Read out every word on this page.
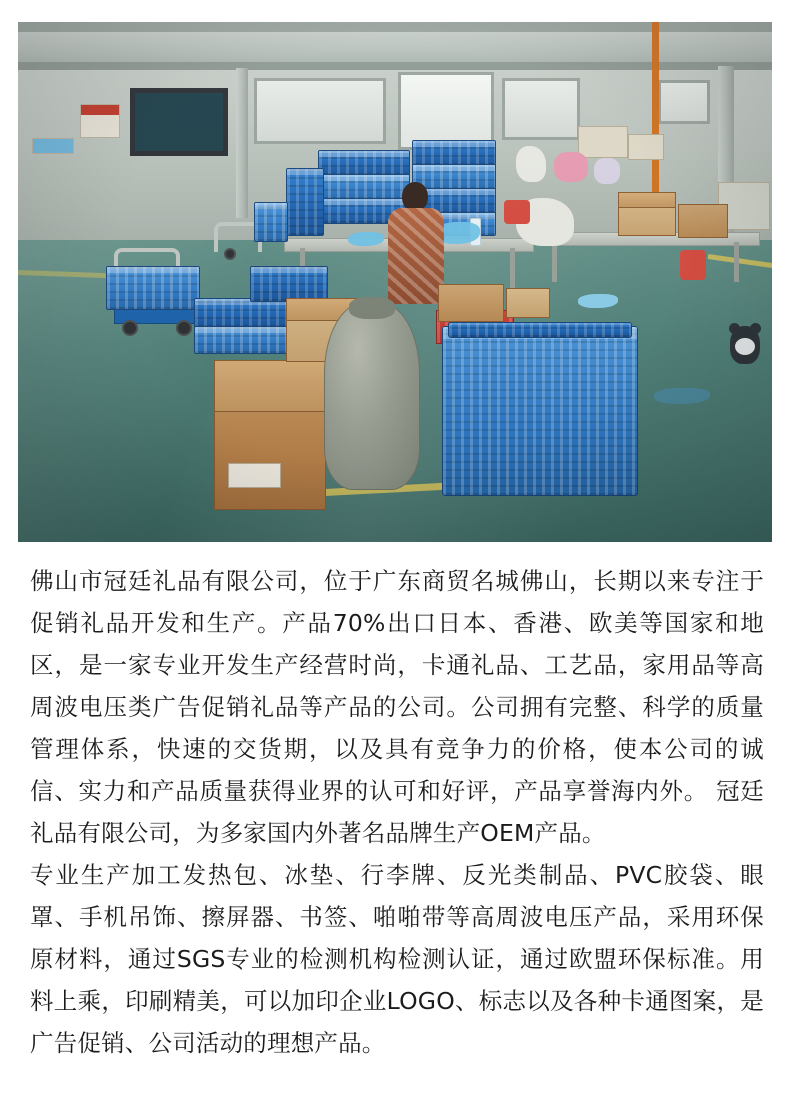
佛山市冠廷礼品有限公司，位于广东商贸名城佛山，长期以来专注于促销礼品开发和生产。产品70%出口日本、香港、欧美等国家和地区，是一家专业开发生产经营时尚，卡通礼品、工艺品，家用品等高周波电压类广告促销礼品等产品的公司。公司拥有完整、科学的质量管理体系，快速的交货期，以及具有竞争力的价格，使本公司的诚信、实力和产品质量获得业界的认可和好评，产品享誉海内外。 冠廷礼品有限公司，为多家国内外著名品牌生产OEM产品。

专业生产加工发热包、冰垫、行李牌、反光类制品、PVC胶袋、眼罩、手机吊饰、擦屏器、书签、啪啪带等高周波电压产品，采用环保原材料，通过SGS专业的检测机构检测认证，通过欧盟环保标准。用料上乘，印刷精美，可以加印企业LOGO、标志以及各种卡通图案，是广告促销、公司活动的理想产品。
